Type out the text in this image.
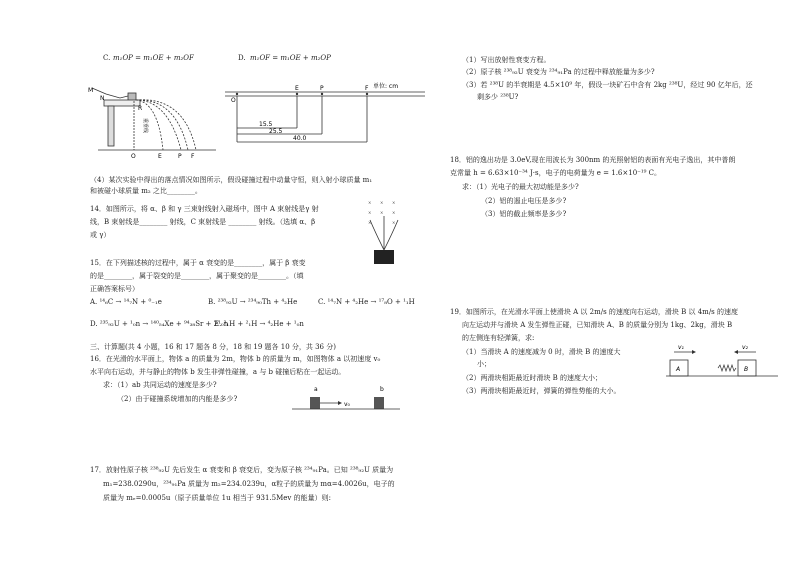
C. m₁OP = m₁OE + m₂OF	D. m₁OF = m₁OE + m₂OP
M
N
R
重垂线
O	E	P F
单位: cm
O
E	P	F
15.5
25.5
40.0
（4）某次实验中得出的落点情况如图所示，假设碰撞过程中动量守恒，则入射小球质量 m₁
和被碰小球质量 m₂ 之比________。
14．如图所示，将 α、β 和 γ 三束射线射入磁场中，图中 A 束射线是γ 射
线，B 束射线是________ 射线，C 束射线是 ________ 射线。（选填 α、β
或 γ）
× × ×
× × ×
×	×
15．在下列描述核的过程中，属于 α 衰变的是________，属于 β 衰变
的是________，属于裂变的是________，属于聚变的是________。（填
正确答案标号）
A. ¹⁴₆C → ¹⁴₇N + ⁰₋₁e	B. ²³⁸₉₂U → ²³⁴₉₀Th + ⁴₂He	C. ¹⁴₇N + ⁴₂He → ¹⁷₈O + ¹₁H
D. ²³⁵₉₂U + ¹₀n → ¹⁴⁰₅₄Xe + ⁹⁴₃₈Sr + 2¹₀n
E. ³₁H + ²₁H → ⁴₂He + ¹₀n
三、计算题(共 4 小题，16 和 17 题各 8 分，18 和 19 题各 10 分，共 36 分)
16．在光滑的水平面上，物体 a 的质量为 2m，物体 b 的质量为 m，如图物体 a 以初速度 v₀
水平向右运动，并与静止的物体 b 发生非弹性碰撞，a 与 b 碰撞后粘在一起运动。
求：（1）ab 共同运动的速度是多少?
（2）由于碰撞系统增加的内能是多少?
a	b
v₀
17．放射性原子核 ²³⁸₉₂U 先后发生 α 衰变和 β 衰变后，变为原子核 ²³⁴₉₁Pa。已知 ²³⁸₉₂U 质量为
m₁=238.0290u，²³⁴₉₁Pa 质量为 m₂=234.0239u，α粒子的质量为 mα=4.0026u，电子的
质量为 mₑ=0.0005u（原子质量单位 1u 相当于 931.5Mev 的能量）则:
（1）写出放射性衰变方程。
（2）原子核 ²³⁸₉₂U 衰变为 ²³⁴₉₁Pa 的过程中释放能量为多少?
（3）若 ²³⁸U 的半衰期是 4.5×10⁹ 年，假设一块矿石中含有 2kg ²³⁸U，经过 90 亿年后，还
剩多少 ²³⁸U?
18．铝的逸出功是 3.0eV,现在用波长为 300nm 的光照射铝的表面有光电子逸出，其中普朗
克常量 h = 6.63×10⁻³⁴ J·s，电子的电荷量为 e = 1.6×10⁻¹⁹ C。
求：（1）光电子的最大初动能是多少?
（2）铝的遏止电压是多少?
（3）铝的截止频率是多少?
19．如图所示，在光滑水平面上使滑块 A 以 2m/s 的速度向右运动，滑块 B 以 4m/s 的速度
向左运动并与滑块 A 发生弹性正碰，已知滑块 A、B 的质量分别为 1kg、2kg，滑块 B
的左侧连有轻弹簧，求:
（1）当滑块 A 的速度减为 0 时，滑块 B 的速度大
小；
（2）两滑块相距最近时滑块 B 的速度大小；
（3）两滑块相距最近时，弹簧的弹性势能的大小。
v₁	v₂
A	B
